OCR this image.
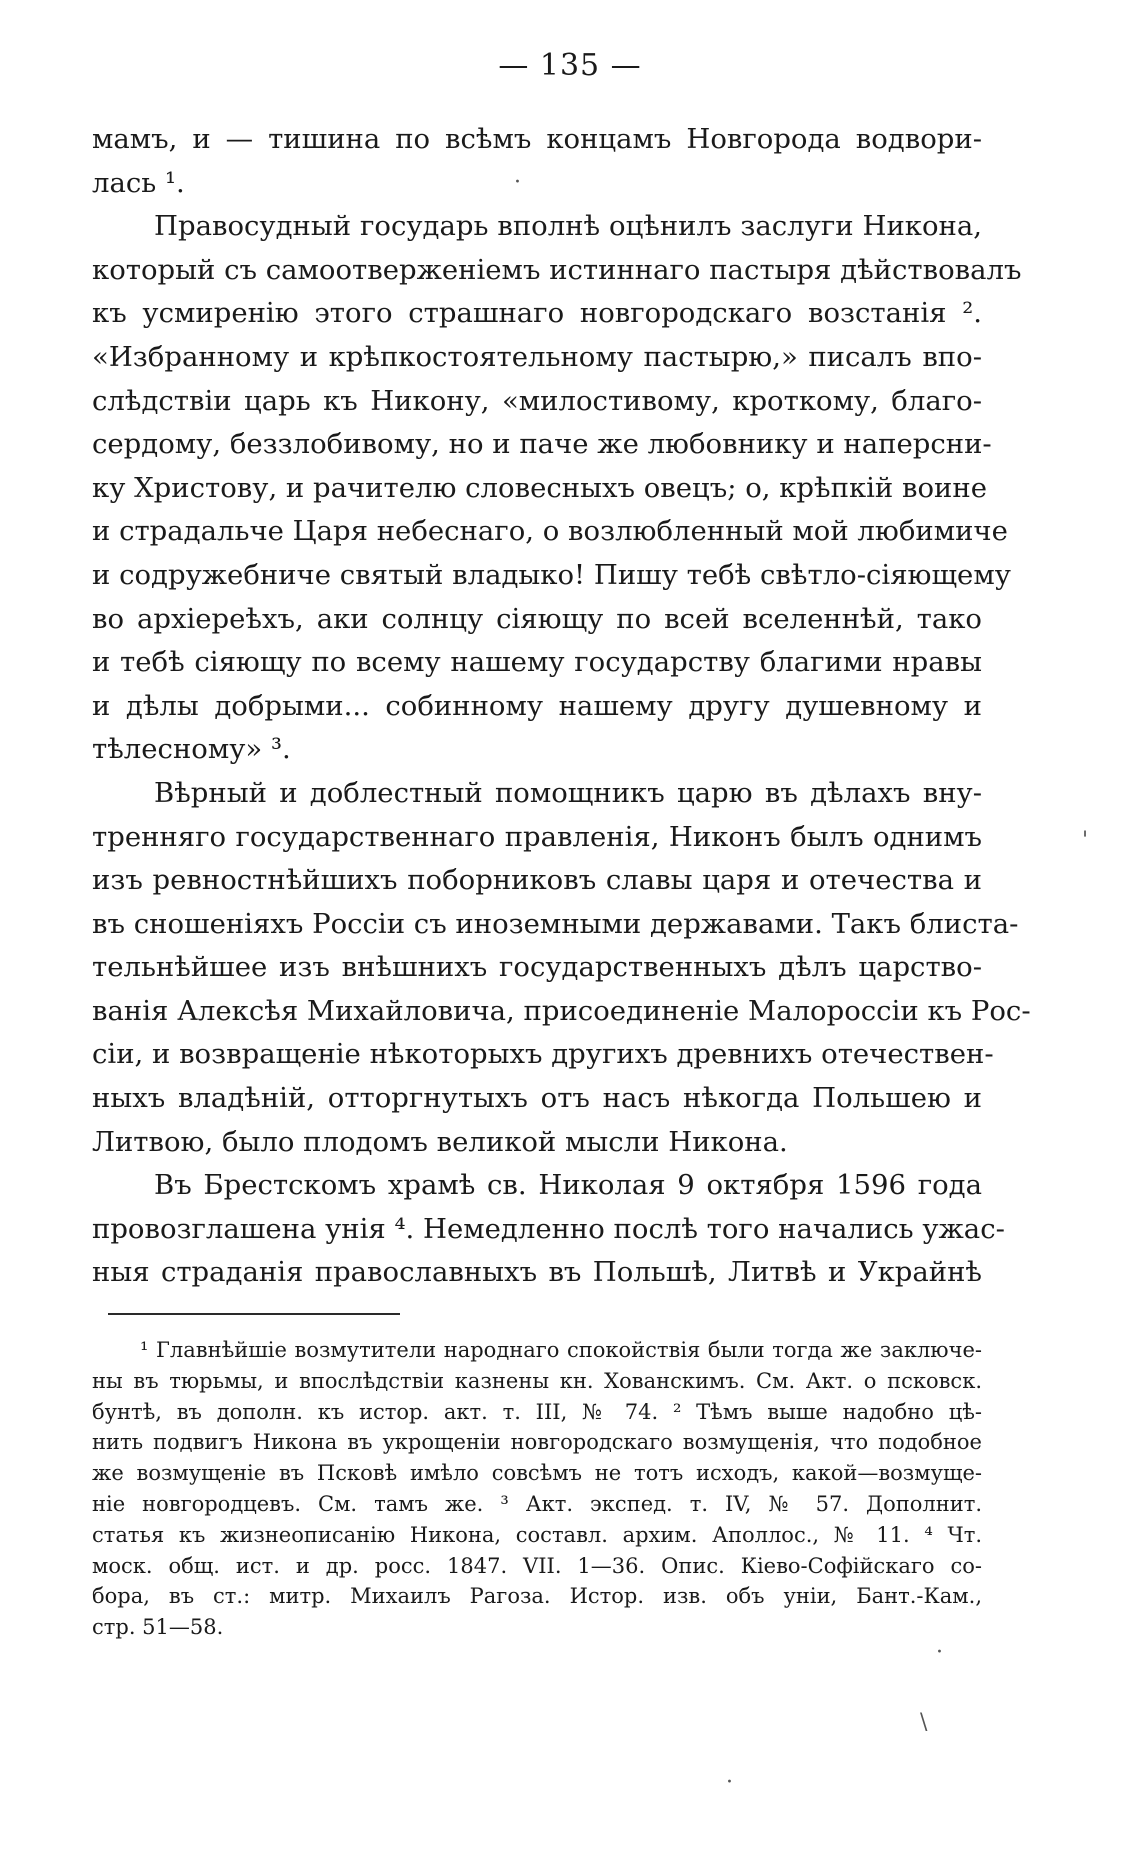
— 135 —
мамъ, и — тишина по всѣмъ концамъ Новгорода водвори-
лась ¹.
Правосудный государь вполнѣ оцѣнилъ заслуги Никона,
который съ самоотверженіемъ истиннаго пастыря дѣйствовалъ
къ усмиренію этого страшнаго новгородскаго возстанія ².
«Избранному и крѣпкостоятельному пастырю,» писалъ впо-
слѣдствіи царь къ Никону, «милостивому, кроткому, благо-
сердому, беззлобивому, но и паче же любовнику и наперсни-
ку Христову, и рачителю словесныхъ овецъ; о, крѣпкій воине
и страдальче Царя небеснаго, о возлюбленный мой любимиче
и содружебниче святый владыко! Пишу тебѣ свѣтло-сіяющему
во архіереѣхъ, аки солнцу сіяющу по всей вселеннѣй, тако
и тебѣ сіяющу по всему нашему государству благими нравы
и дѣлы добрыми... собинному нашему другу душевному и
тѣлесному» ³.
Вѣрный и доблестный помощникъ царю въ дѣлахъ вну-
тренняго государственнаго правленія, Никонъ былъ однимъ
изъ ревностнѣйшихъ поборниковъ славы царя и отечества и
въ сношеніяхъ Россіи съ иноземными державами. Такъ блиста-
тельнѣйшее изъ внѣшнихъ государственныхъ дѣлъ царство-
ванія Алексѣя Михайловича, присоединеніе Малороссіи къ Рос-
сіи, и возвращеніе нѣкоторыхъ другихъ древнихъ отечествен-
ныхъ владѣній, отторгнутыхъ отъ насъ нѣкогда Польшею и
Литвою, было плодомъ великой мысли Никона.
Въ Брестскомъ храмѣ св. Николая 9 октября 1596 года
провозглашена унія ⁴. Немедленно послѣ того начались ужас-
ныя страданія православныхъ въ Польшѣ, Литвѣ и Украйнѣ
¹ Главнѣйшіе возмутители народнаго спокойствія были тогда же заключе-
ны въ тюрьмы, и впослѣдствіи казнены кн. Хованскимъ. См. Акт. о псковск.
бунтѣ, въ дополн. къ истор. акт. т. III, № 74. ² Тѣмъ выше надобно цѣ-
нить подвигъ Никона въ укрощеніи новгородскаго возмущенія, что подобное
же возмущеніе въ Псковѣ имѣло совсѣмъ не тотъ исходъ, какой—возмуще-
ніе новгородцевъ. См. тамъ же. ³ Акт. экспед. т. IV, № 57. Дополнит.
статья къ жизнеописанію Никона, составл. архим. Аполлос., № 11. ⁴ Чт.
моск. общ. ист. и др. росс. 1847. VII. 1—36. Опис. Кіево-Софійскаго со-
бора, въ ст.: митр. Михаилъ Рагоза. Истор. изв. объ уніи, Бант.-Кам.,
стр. 51—58.
·
'
·
\
·
